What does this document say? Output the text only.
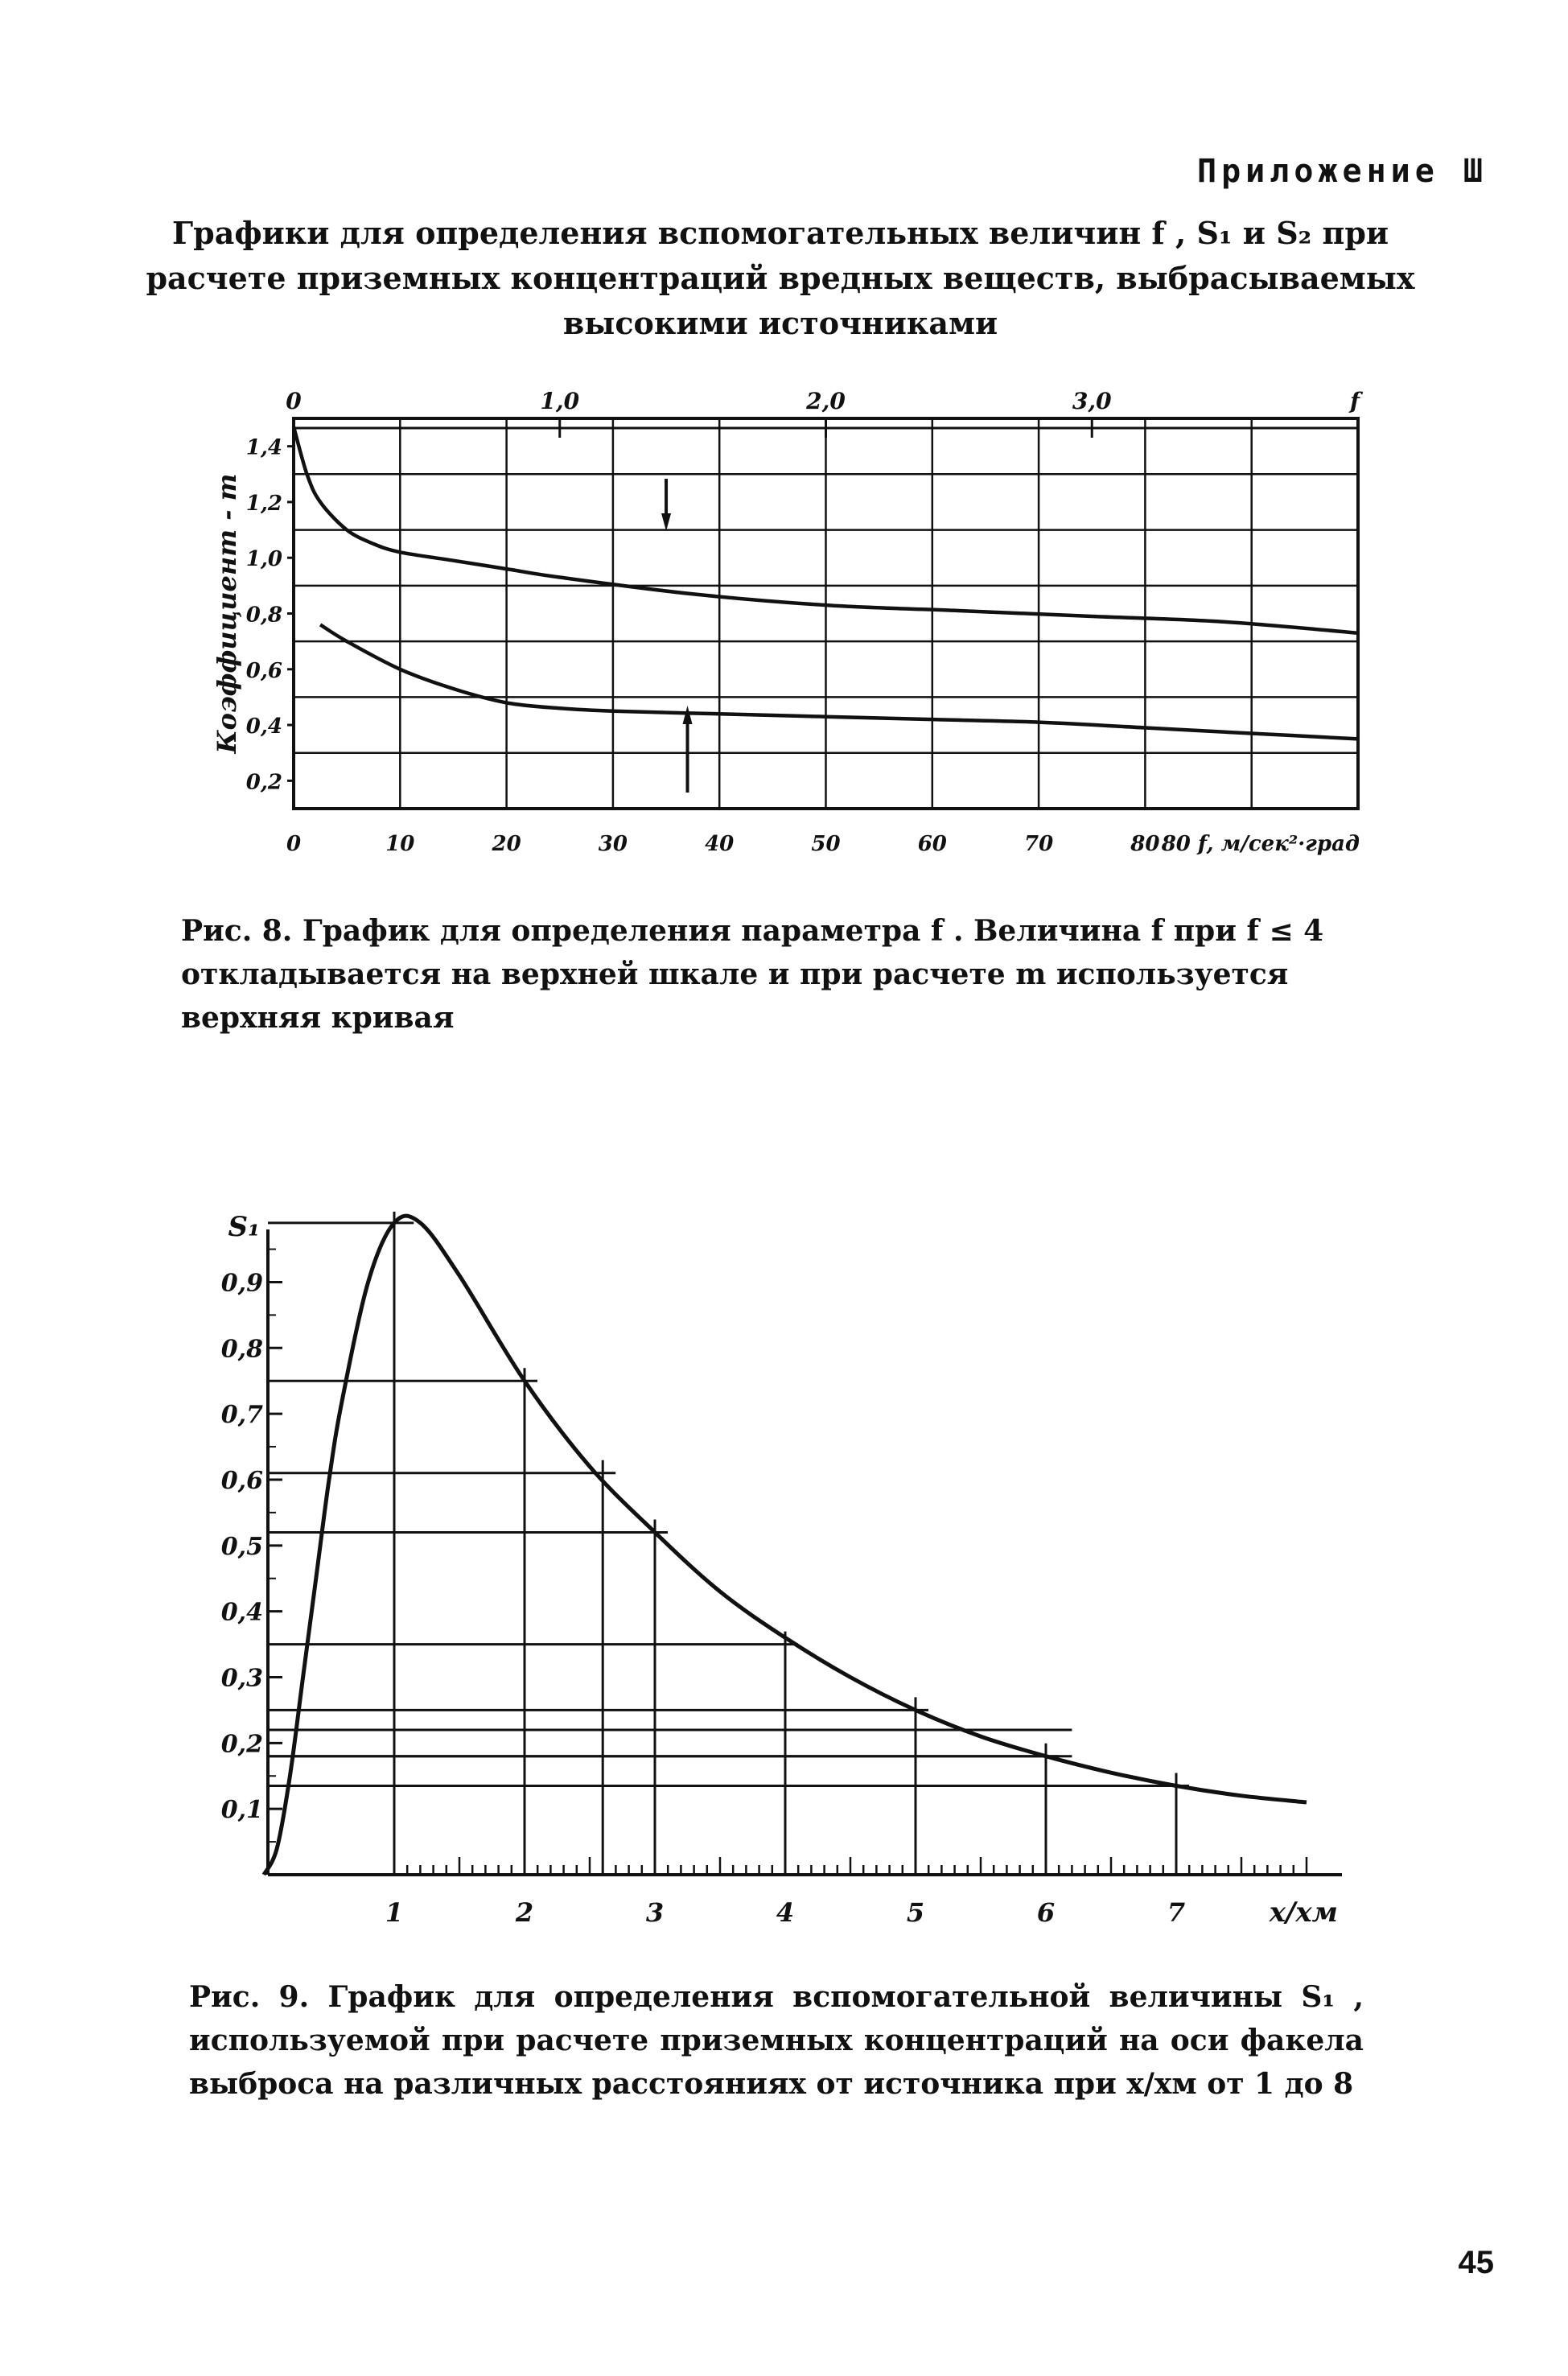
Приложение Ш
Графики для определения вспомогательных величин f , S₁ и S₂ при расчете приземных концентраций вредных веществ, выбрасываемых высокими источниками
0,2
0,4
0,6
0,8
1,0
1,2
1,4
0	10	20	30	40	50	60	70	80
0	1,0	2,0	3,0	f
80 f, м/сек²·град
Коэффициент - m
Рис. 8. График для определения параметра f . Величина f при f ≤ 4 откладывается на верхней шкале и при расчете m используется верхняя кривая
0,1
0,2
0,3
0,4
0,5
0,6
0,7
0,8
0,9
S₁
1	2	3	4	5	6	7	x/xм
Рис. 9. График для определения вспомогательной величины S₁ , используемой при расчете приземных концентраций на оси факела выброса на различных расстояниях от источника при x/xм от 1 до 8
45
